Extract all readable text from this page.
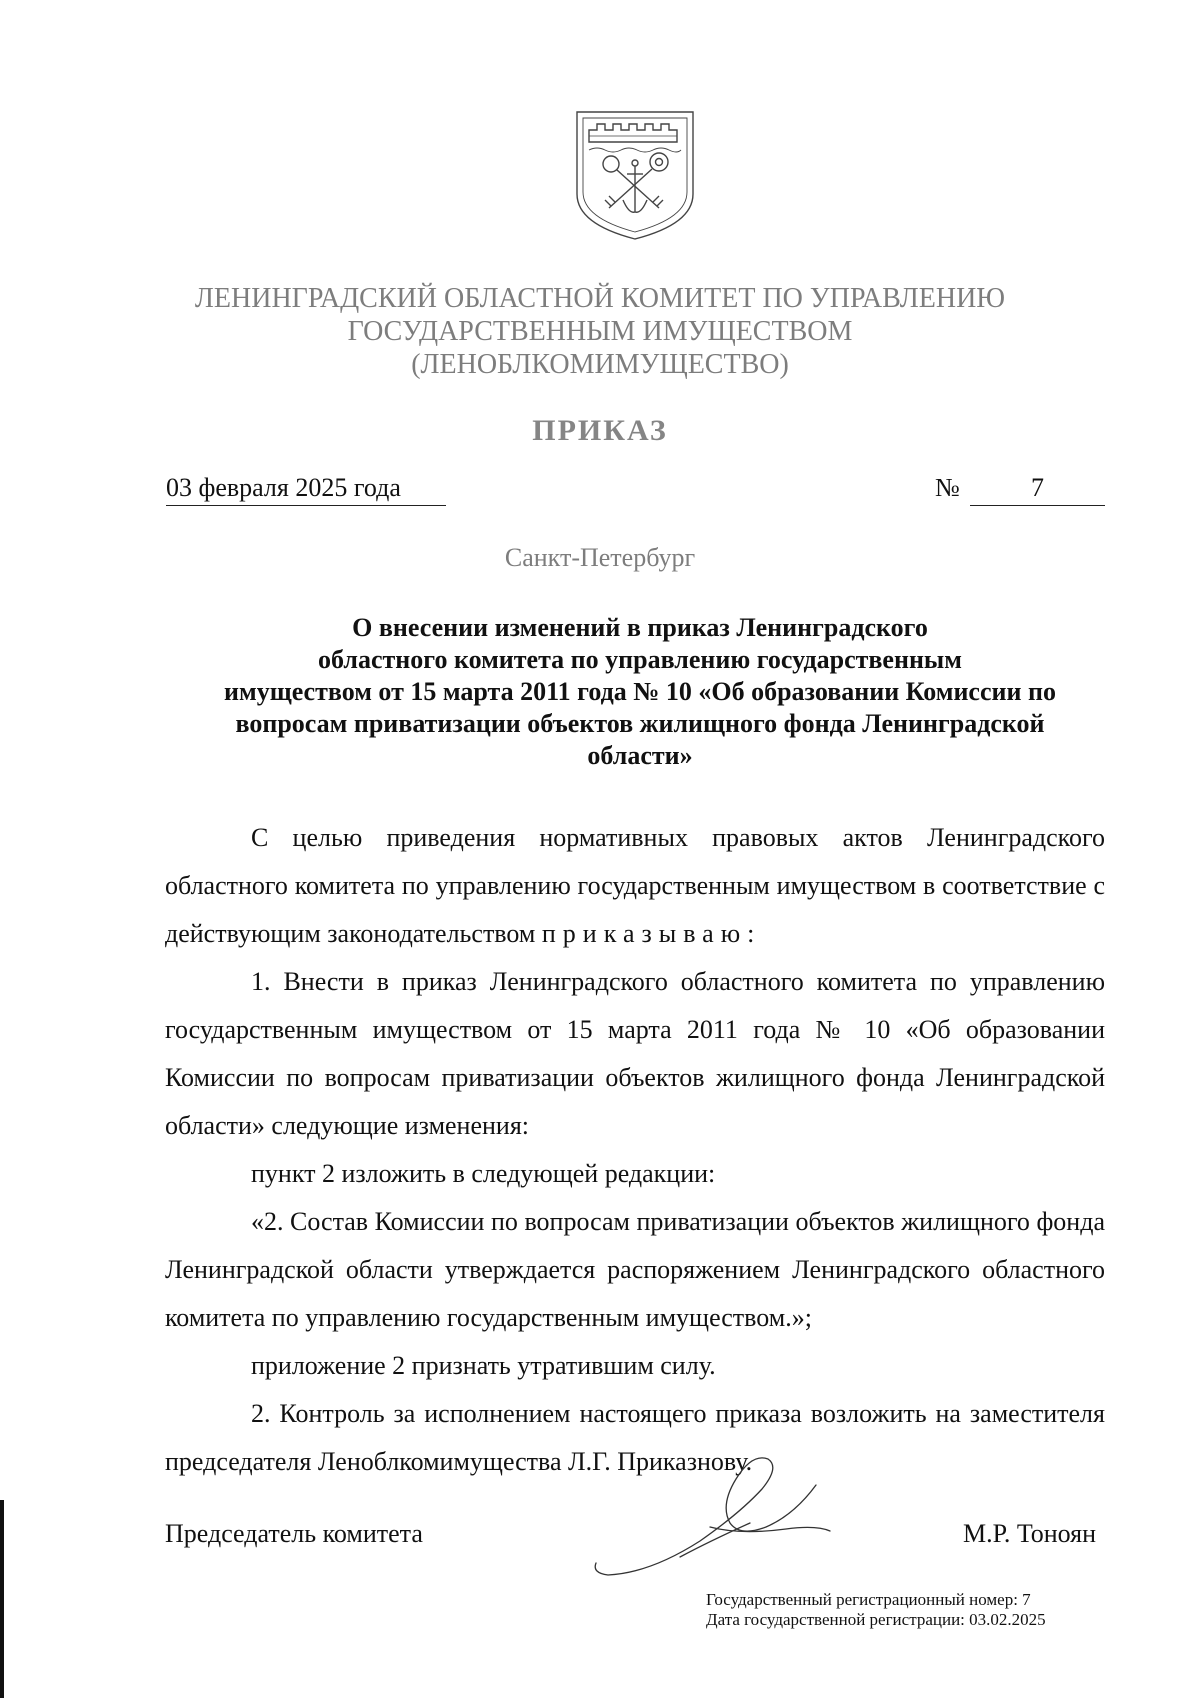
ЛЕНИНГРАДСКИЙ ОБЛАСТНОЙ КОМИТЕТ ПО УПРАВЛЕНИЮ
ГОСУДАРСТВЕННЫМ ИМУЩЕСТВОМ
(ЛЕНОБЛКОМИМУЩЕСТВО)
ПРИКАЗ
03 февраля 2025 года	№	7
Санкт-Петербург
О внесении изменений в приказ Ленинградского
областного комитета по управлению государственным
имуществом от 15 марта 2011 года № 10 «Об образовании Комиссии по
вопросам приватизации объектов жилищного фонда Ленинградской
области»

С целью приведения нормативных правовых актов Ленинградского областного комитета по управлению государственным имуществом в соответствие с действующим законодательством приказываю:

1. Внести в приказ Ленинградского областного комитета по управлению государственным имуществом от 15 марта 2011 года № 10 «Об образовании Комиссии по вопросам приватизации объектов жилищного фонда Ленинградской области» следующие изменения:

пункт 2 изложить в следующей редакции:

«2. Состав Комиссии по вопросам приватизации объектов жилищного фонда Ленинградской области утверждается распоряжением Ленинградского областного комитета по управлению государственным имуществом.»;

приложение 2 признать утратившим силу.

2. Контроль за исполнением настоящего приказа возложить на заместителя председателя Леноблкомимущества Л.Г. Приказнову.

Председатель комитета	М.Р. Тоноян
Государственный регистрационный номер: 7
Дата государственной регистрации: 03.02.2025
